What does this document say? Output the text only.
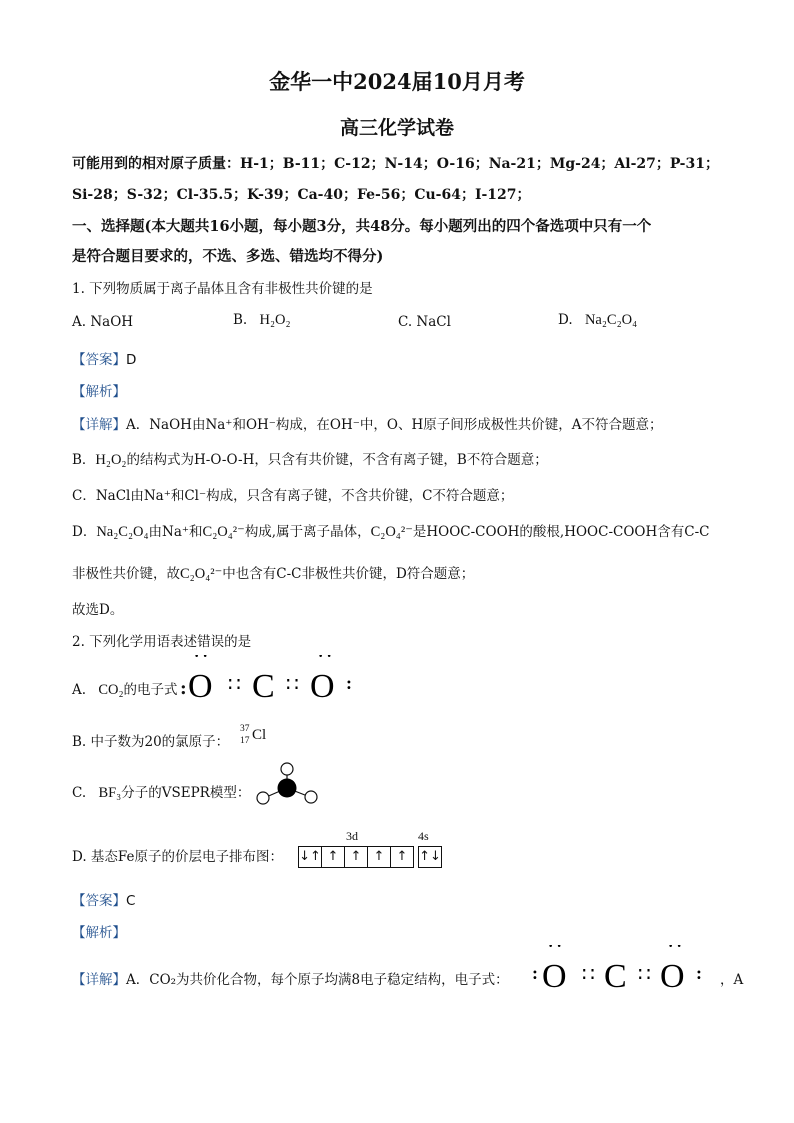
金华一中2024届10月月考
高三化学试卷
可能用到的相对原子质量：H-1；B-11；C-12；N-14；O-16；Na-21；Mg-24；Al-27；P-31；
Si-28；S-32；Cl-35.5；K-39；Ca-40；Fe-56；Cu-64；I-127；
一、选择题(本大题共16小题，每小题3分，共48分。每小题列出的四个备选项中只有一个
是符合题目要求的，不选、多选、错选均不得分)
1. 下列物质属于离子晶体且含有非极性共价键的是
A. NaOH	B. H₂O₂	C. NaCl	D. Na₂C₂O₄
【答案】D
【解析】
【详解】A．NaOH由Na⁺和OH⁻构成，在OH⁻中，O、H原子间形成极性共价键，A不符合题意；
B．H₂O₂的结构式为H-O-O-H，只含有共价键，不含有离子键，B不符合题意；
C．NaCl由Na⁺和Cl⁻构成，只含有离子键，不含共价键，C不符合题意；
D．Na₂C₂O₄由Na⁺和C₂O₄²⁻构成,属于离子晶体，C₂O₄²⁻是HOOC-COOH的酸根,HOOC-COOH含有C-C
非极性共价键，故C₂O₄²⁻中也含有C-C非极性共价键，D符合题意；
故选D。
2. 下列化学用语表述错误的是
A. CO₂的电子式
· ·	· ·
O ∷ C ∷ O :
:
B. 中子数为20的氯原子：
37
17 Cl
C. BF₃分子的VSEPR模型：
D. 基态Fe原子的价层电子排布图：
3d	4s
↓↑ ↑ ↑ ↑ ↑ ↑↓
【答案】C
【解析】
【详解】A．CO₂为共价化合物，每个原子均满8电子稳定结构，电子式： :
· ·	· ·
O ∷ C ∷ O : ，A
